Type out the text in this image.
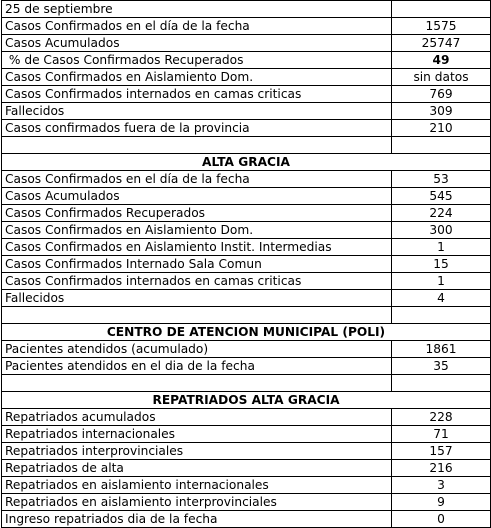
25 de septiembre	
Casos Confirmados en el día de la fecha	1575
Casos Acumulados	25747
% de Casos Confirmados Recuperados	49
Casos Confirmados en Aislamiento Dom.	sin datos
Casos Confirmados internados en camas criticas	769
Fallecidos	309
Casos confirmados fuera de la provincia	210

ALTA GRACIA	
Casos Confirmados en el día de la fecha	53
Casos Acumulados	545
Casos Confirmados Recuperados	224
Casos Confirmados en Aislamiento Dom.	300
Casos Confirmados en Aislamiento Instit. Intermedias	1
Casos Confirmados Internado Sala Comun	15
Casos Confirmados internados en camas criticas	1
Fallecidos	4

CENTRO DE ATENCION MUNICIPAL (POLI)	
Pacientes atendidos (acumulado)	1861
Pacientes atendidos en el dia de la fecha	35

REPATRIADOS ALTA GRACIA	
Repatriados acumulados	228
Repatriados internacionales	71
Repatriados interprovinciales	157
Repatriados de alta	216
Repatriados en aislamiento internacionales	3
Repatriados en aislamiento interprovinciales	9
Ingreso repatriados dia de la fecha	0
